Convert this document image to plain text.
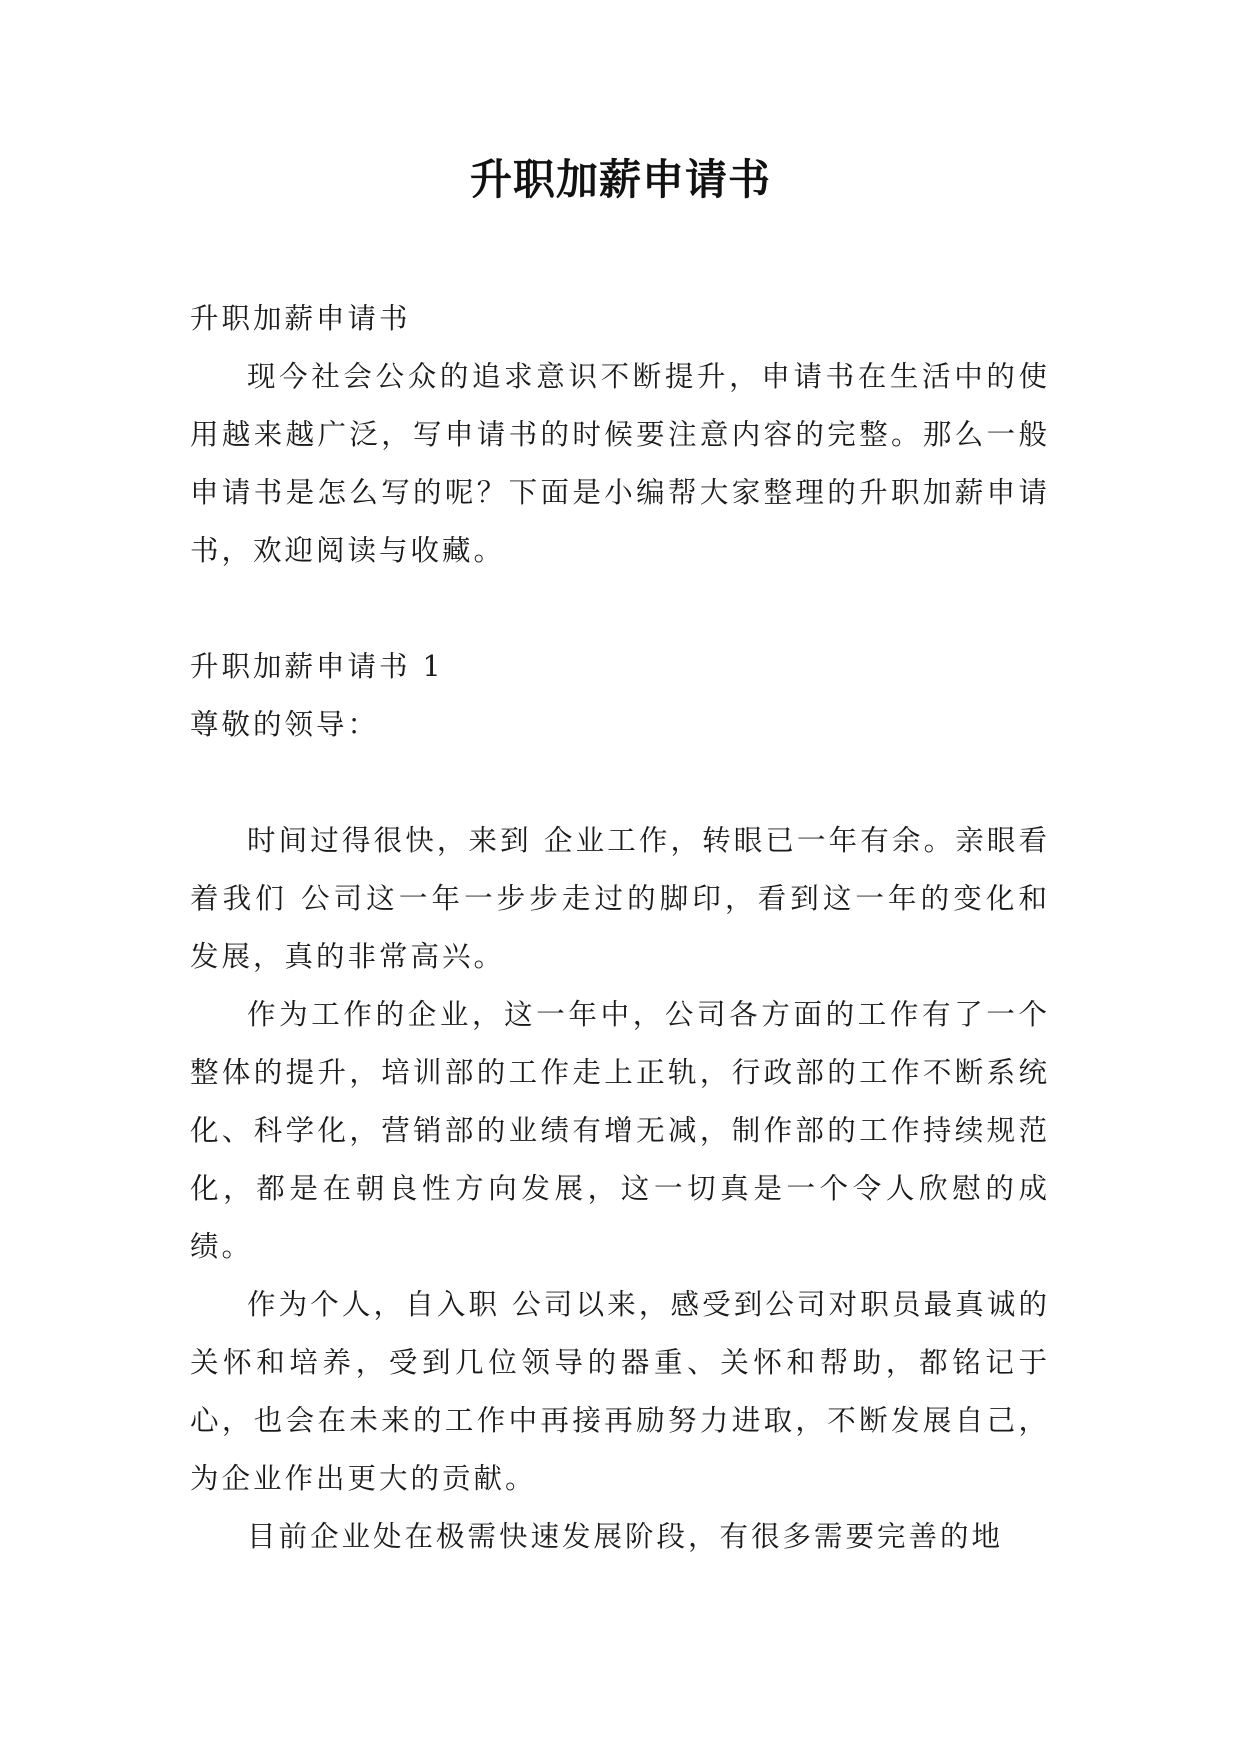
升职加薪申请书

升职加薪申请书

现今社会公众的追求意识不断提升，申请书在生活中的使用越来越广泛，写申请书的时候要注意内容的完整。那么一般申请书是怎么写的呢？下面是小编帮大家整理的升职加薪申请书，欢迎阅读与收藏。

升职加薪申请书 1

尊敬的领导：

时间过得很快，来到 企业工作，转眼已一年有余。亲眼看着我们 公司这一年一步步走过的脚印，看到这一年的变化和发展，真的非常高兴。

作为工作的企业，这一年中，公司各方面的工作有了一个整体的提升，培训部的工作走上正轨，行政部的工作不断系统化、科学化，营销部的业绩有增无减，制作部的工作持续规范化，都是在朝良性方向发展，这一切真是一个令人欣慰的成绩。

作为个人，自入职 公司以来，感受到公司对职员最真诚的关怀和培养，受到几位领导的器重、关怀和帮助，都铭记于心，也会在未来的工作中再接再励努力进取，不断发展自己，为企业作出更大的贡献。

目前企业处在极需快速发展阶段，有很多需要完善的地
